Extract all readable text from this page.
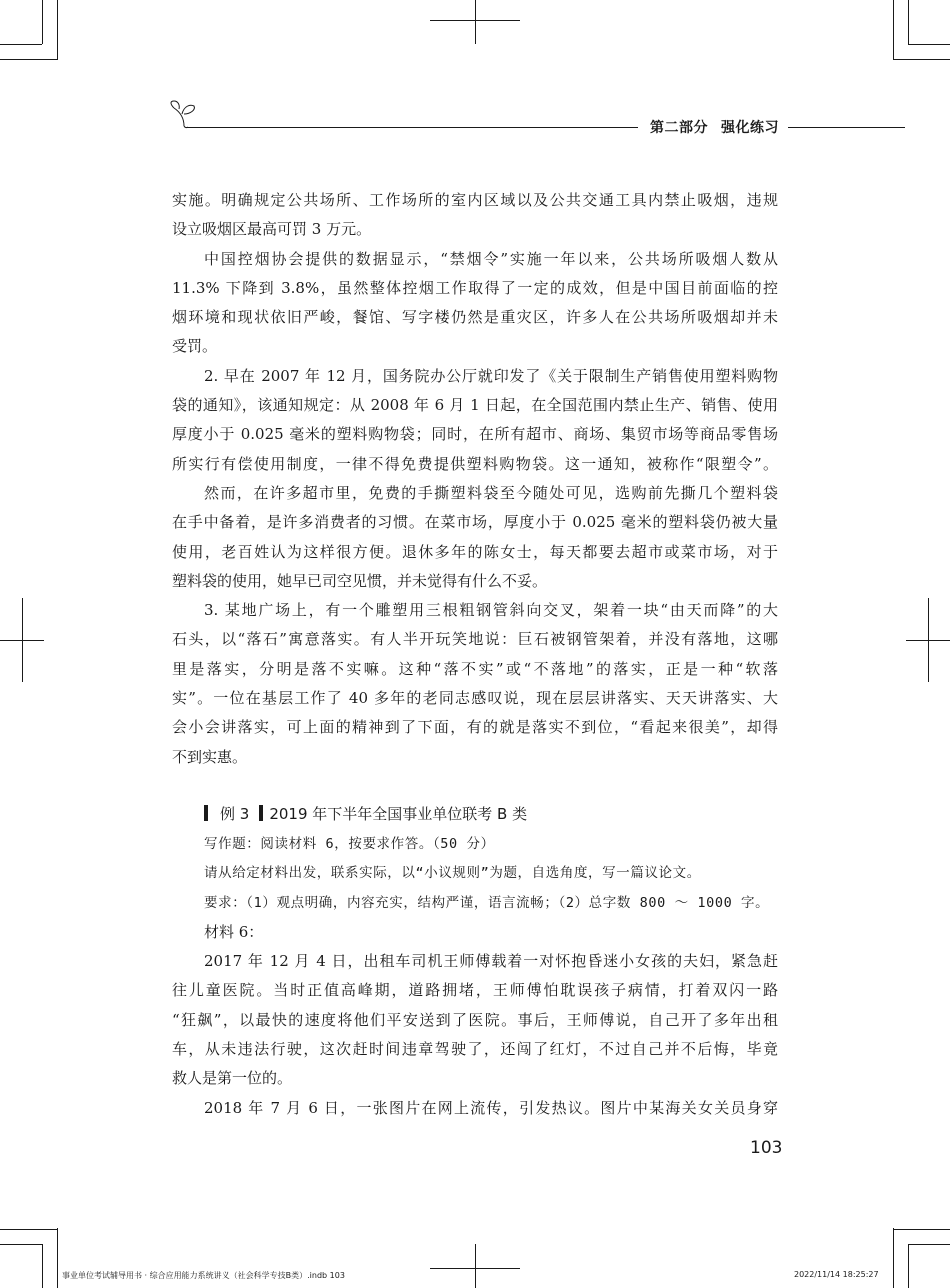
第二部分 强化练习
实施。明确规定公共场所、工作场所的室内区域以及公共交通工具内禁止吸烟，违规
设立吸烟区最高可罚 3 万元。
中国控烟协会提供的数据显示，“禁烟令”实施一年以来，公共场所吸烟人数从
11.3% 下降到 3.8%，虽然整体控烟工作取得了一定的成效，但是中国目前面临的控
烟环境和现状依旧严峻，餐馆、写字楼仍然是重灾区，许多人在公共场所吸烟却并未
受罚。
2. 早在 2007 年 12 月，国务院办公厅就印发了《关于限制生产销售使用塑料购物
袋的通知》，该通知规定：从 2008 年 6 月 1 日起，在全国范围内禁止生产、销售、使用
厚度小于 0.025 毫米的塑料购物袋；同时，在所有超市、商场、集贸市场等商品零售场
所实行有偿使用制度，一律不得免费提供塑料购物袋。这一通知，被称作“限塑令”。
然而，在许多超市里，免费的手撕塑料袋至今随处可见，选购前先撕几个塑料袋
在手中备着，是许多消费者的习惯。在菜市场，厚度小于 0.025 毫米的塑料袋仍被大量
使用，老百姓认为这样很方便。退休多年的陈女士，每天都要去超市或菜市场，对于
塑料袋的使用，她早已司空见惯，并未觉得有什么不妥。
3. 某地广场上，有一个雕塑用三根粗钢管斜向交叉，架着一块“由天而降”的大
石头，以“落石”寓意落实。有人半开玩笑地说：巨石被钢管架着，并没有落地，这哪
里是落实，分明是落不实嘛。这种“落不实”或“不落地”的落实，正是一种“软落
实”。一位在基层工作了 40 多年的老同志感叹说，现在层层讲落实、天天讲落实、大
会小会讲落实，可上面的精神到了下面，有的就是落实不到位，“看起来很美”，却得
不到实惠。
例 3 2019 年下半年全国事业单位联考 B 类
写作题：阅读材料 6，按要求作答。（50 分）
请从给定材料出发，联系实际，以“小议规则”为题，自选角度，写一篇议论文。
要求：（1）观点明确，内容充实，结构严谨，语言流畅；（2）总字数 800 ～ 1000 字。
材料 6：
2017 年 12 月 4 日，出租车司机王师傅载着一对怀抱昏迷小女孩的夫妇，紧急赶
往儿童医院。当时正值高峰期，道路拥堵，王师傅怕耽误孩子病情，打着双闪一路
“狂飙”，以最快的速度将他们平安送到了医院。事后，王师傅说，自己开了多年出租
车，从未违法行驶，这次赶时间违章驾驶了，还闯了红灯，不过自己并不后悔，毕竟
救人是第一位的。
2018 年 7 月 6 日，一张图片在网上流传，引发热议。图片中某海关女关员身穿
103
事业单位考试辅导用书 · 综合应用能力系统讲义（社会科学专技B类）.indb 103	2022/11/14 18:25:27
